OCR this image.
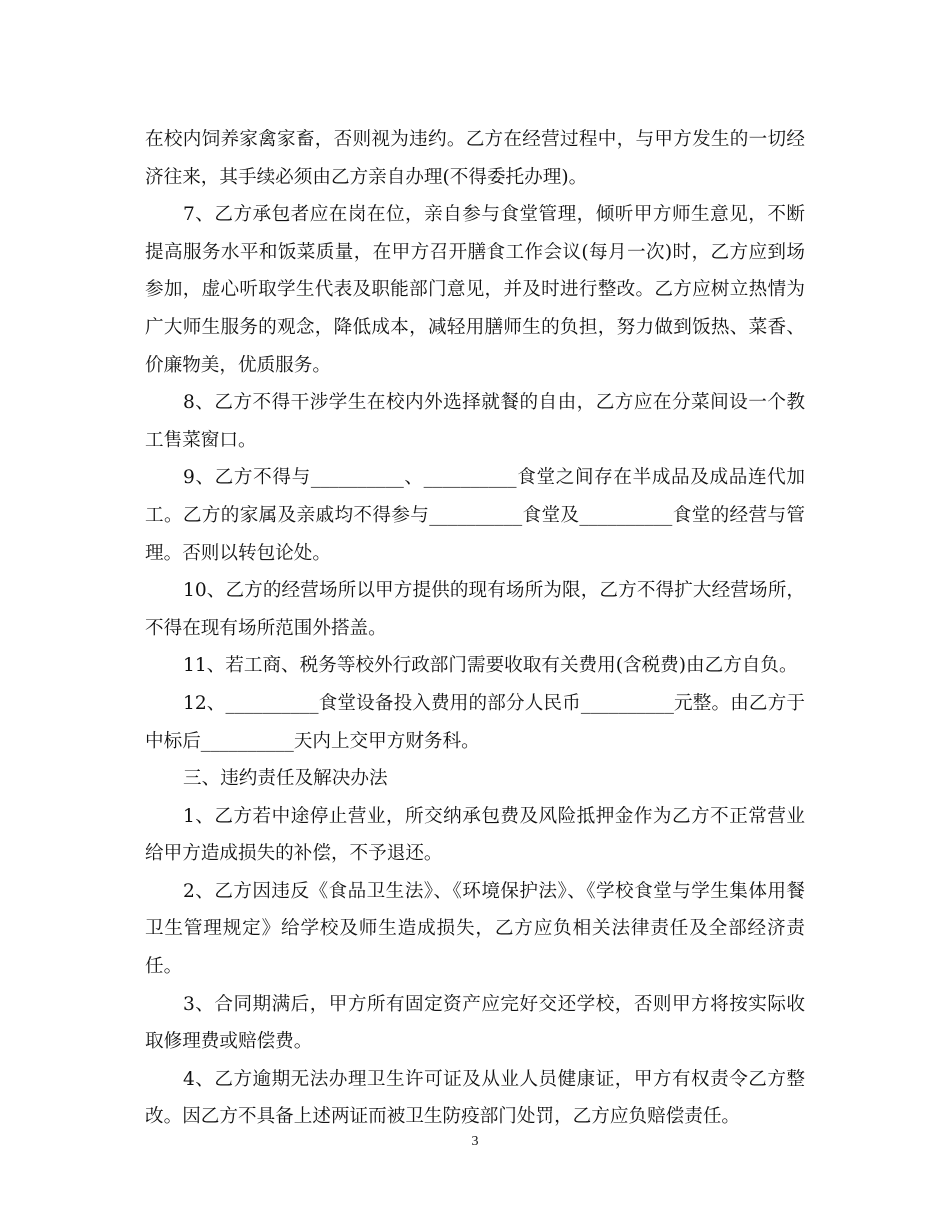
在校内饲养家禽家畜，否则视为违约。乙方在经营过程中，与甲方发生的一切经济往来，其手续必须由乙方亲自办理(不得委托办理)。

7、乙方承包者应在岗在位，亲自参与食堂管理，倾听甲方师生意见，不断提高服务水平和饭菜质量，在甲方召开膳食工作会议(每月一次)时，乙方应到场参加，虚心听取学生代表及职能部门意见，并及时进行整改。乙方应树立热情为广大师生服务的观念，降低成本，减轻用膳师生的负担，努力做到饭热、菜香、价廉物美，优质服务。

8、乙方不得干涉学生在校内外选择就餐的自由，乙方应在分菜间设一个教工售菜窗口。

9、乙方不得与__________、__________食堂之间存在半成品及成品连代加工。乙方的家属及亲戚均不得参与__________食堂及__________食堂的经营与管理。否则以转包论处。

10、乙方的经营场所以甲方提供的现有场所为限，乙方不得扩大经营场所，不得在现有场所范围外搭盖。

11、若工商、税务等校外行政部门需要收取有关费用(含税费)由乙方自负。

12、__________食堂设备投入费用的部分人民币__________元整。由乙方于中标后__________天内上交甲方财务科。

三、违约责任及解决办法

1、乙方若中途停止营业，所交纳承包费及风险抵押金作为乙方不正常营业给甲方造成损失的补偿，不予退还。

2、乙方因违反《食品卫生法》、《环境保护法》、《学校食堂与学生集体用餐卫生管理规定》给学校及师生造成损失，乙方应负相关法律责任及全部经济责任。

3、合同期满后，甲方所有固定资产应完好交还学校，否则甲方将按实际收取修理费或赔偿费。

4、乙方逾期无法办理卫生许可证及从业人员健康证，甲方有权责令乙方整改。因乙方不具备上述两证而被卫生防疫部门处罚，乙方应负赔偿责任。

3
